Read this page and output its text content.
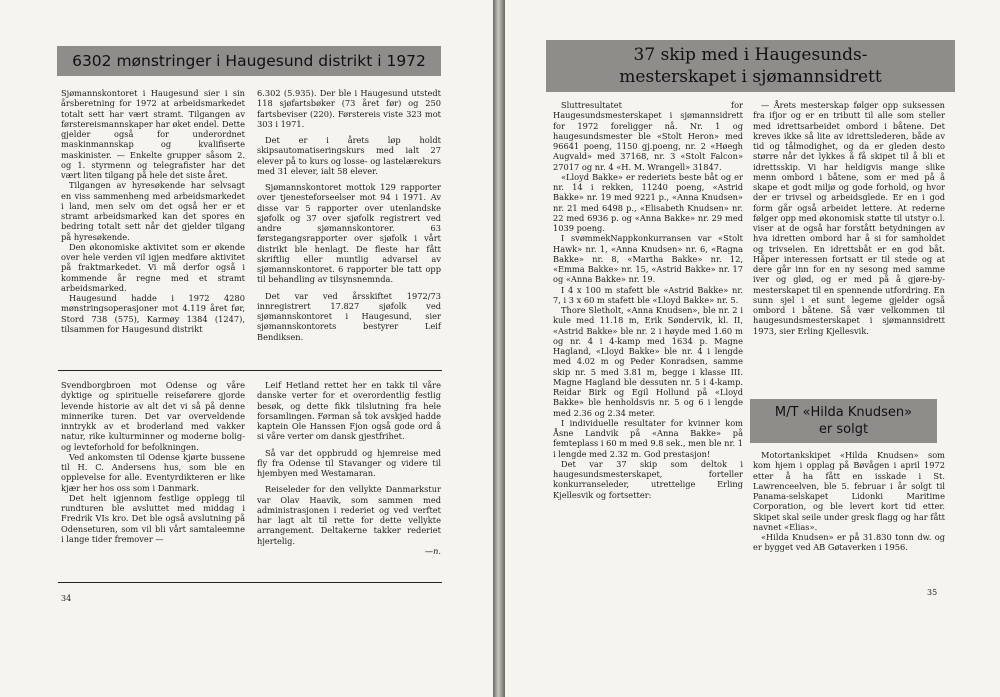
6302 mønstringer i Haugesund distrikt i 1972

Sjømannskontoret i Haugesund sier i sin årsberetning for 1972 at arbeidsmarkedet totalt sett har vært stramt. Tilgangen av førstereismannskaper har øket endel. Dette gjelder også for underordnet maskinmannskap og kvalifiserte maskinister. — Enkelte grupper såsom 2. og 1. styrmenn og telegrafister har det vært liten tilgang på hele det siste året.

Tilgangen av hyresøkende har selvsagt en viss sammenheng med arbeidsmarkedet i land, men selv om det også her er et stramt arbeidsmarked kan det spores en bedring totalt sett når det gjelder tilgang på hyresøkende.

Den økonomiske aktivitet som er økende over hele verden vil igjen medføre aktivitet på fraktmarkedet. Vi må derfor også i kommende år regne med et stramt arbeidsmarked.

Haugesund hadde i 1972 4280 mønstringsoperasjoner mot 4.119 året før, Stord 738 (575), Karmøy 1384 (1247), tilsammen for Haugesund distrikt

6.302 (5.935). Der ble i Haugesund utstedt 118 sjøfartsbøker (73 året før) og 250 fartsbeviser (220). Førstereis viste 323 mot 303 i 1971.

Det er i årets løp holdt skipsautomatiseringskurs med ialt 27 elever på to kurs og losse- og lastelærekurs med 31 elever, ialt 58 elever.

Sjømannskontoret mottok 129 rapporter over tjenesteforseelser mot 94 i 1971. Av disse var 5 rapporter over utenlandske sjøfolk og 37 over sjøfolk registrert ved andre sjømannskontorer. 63 førstegangsrapporter over sjøfolk i vårt distrikt ble henlagt. De fleste har fått skriftlig eller muntlig advarsel av sjømannskontoret. 6 rapporter ble tatt opp til behandling av tilsynsnemnda.

Det var ved årsskiftet 1972/73 innregistrert 17.827 sjøfolk ved sjømannskontoret i Haugesund, sier sjømannskontorets bestyrer Leif Bendiksen.

Svendborgbroen mot Odense og våre dyktige og spirituelle reiseførere gjorde levende historie av alt det vi så på denne minnerike turen. Det var overveldende inntrykk av et broderland med vakker natur, rike kulturminner og moderne bolig- og levteforhold for befolkningen.

Ved ankomsten til Odense kjørte bussene til H. C. Andersens hus, som ble en opplevelse for alle. Eventyrdikteren er like kjær her hos oss som i Danmark.

Det helt igjennom festlige opplegg til rundturen ble avsluttet med middag i Fredrik VIs kro. Det ble også avslutning på Odenseturen, som vil bli vårt samtaleemne i lange tider fremover —

Leif Hetland rettet her en takk til våre danske verter for et overordentlig festlig besøk, og dette fikk tilslutning fra hele forsamlingen. Førman så tok avskjed hadde kaptein Ole Hanssen Fjon også gode ord å si våre verter om dansk gjestfrihet.

Så var det oppbrudd og hjemreise med fly fra Odense til Stavanger og videre til hjembyen med Westamaran.

Reiseleder for den vellykte Danmarkstur var Olav Haavik, som sammen med administrasjonen i rederiet og ved verftet har lagt alt til rette for dette vellykte arrangement. Deltakerne takker rederiet hjertelig.

—n.

34
37 skip med i Haugesunds-
mesterskapet i sjømannsidrett

Sluttresultatet for Haugesundsmesterskapet i sjømannsidrett for 1972 foreligger nå. Nr. 1 og haugesundsmester ble «Stolt Heron» med 96641 poeng, 1150 gj.poeng, nr. 2 «Høegh Augvald» med 37168, nr. 3 «Stolt Falcon» 27017 og nr. 4 «H. M. Wrangell» 31847.

«Lloyd Bakke» er rederiets beste båt og er nr. 14 i rekken, 11240 poeng, «Astrid Bakke» nr. 19 med 9221 p., «Anna Knudsen» nr. 21 med 6498 p., «Elisabeth Knudsen» nr. 22 med 6936 p. og «Anna Bakke» nr. 29 med 1039 poeng.

I svømmekNappkonkurransen var «Stolt Hawk» nr. 1, «Anna Knudsen» nr. 6, «Ragna Bakke» nr. 8, «Martha Bakke» nr. 12, «Emma Bakke» nr. 15, «Astrid Bakke» nr. 17 og «Anna Bakke» nr. 19.

I 4 x 100 m stafett ble «Astrid Bakke» nr. 7, i 3 x 60 m stafett ble «Lloyd Bakke» nr. 5.

Thore Sletholt, «Anna Knudsen», ble nr. 2 i kule med 11.18 m, Erik Søndervik, kl. II, «Astrid Bakke» ble nr. 2 i høyde med 1.60 m og nr. 4 i 4-kamp med 1634 p. Magne Hagland, «Lloyd Bakke» ble nr. 4 i lengde med 4.02 m og Peder Konradsen, samme skip nr. 5 med 3.81 m, begge i klasse III. Magne Hagland ble dessuten nr. 5 i 4-kamp. Reidar Birk og Egil Hollund på «Lloyd Bakke» ble henholdsvis nr. 5 og 6 i lengde med 2.36 og 2.34 meter.

I individuelle resultater for kvinner kom Åsne Landvik på «Anna Bakke» på femteplass i 60 m med 9.8 sek., men ble nr. 1 i lengde med 2.32 m. God prestasjon!

Det var 37 skip som deltok i haugesundsmesterskapet, forteller konkurranseleder, utrettelige Erling Kjellesvik og fortsetter:

— Årets mesterskap følger opp suksessen fra ifjor og er en tributt til alle som steller med idrettsarbeidet ombord i båtene. Det kreves ikke så lite av idrettslederen, både av tid og tålmodighet, og da er gleden desto større når det lykkes å få skipet til å bli et idrettsskip. Vi har heldigvis mange slike menn ombord i båtene, som er med på å skape et godt miljø og gode forhold, og hvor der er trivsel og arbeidsglede. Er en i god form går også arbeidet lettere. At rederne følger opp med økonomisk støtte til utstyr o.l. viser at de også har forstått betydningen av hva idretten ombord har å si for samholdet og trivselen. En idrettsbåt er en god båt. Håper interessen fortsatt er til stede og at dere går inn for en ny sesong med samme iver og glød, og er med på å gjøre-by-mesterskapet til en spennende utfordring. En sunn sjel i et sunt legeme gjelder også ombord i båtene. Så vær velkommen til haugesundsmesterskapet i sjømannsidrett 1973, sier Erling Kjellesvik.

M/T «Hilda Knudsen»
er solgt

Motortankskipet «Hilda Knudsen» som kom hjem i opplag på Bøvågen i april 1972 etter å ha fått en isskade i St. Lawrenceelven, ble 5. februar i år solgt til Panama-selskapet Lidonki Maritime Corporation, og ble levert kort tid etter. Skipet skal seile under gresk flagg og har fått navnet «Elias».

«Hilda Knudsen» er på 31.830 tonn dw. og er bygget ved AB Gøtaverken i 1956.

35
